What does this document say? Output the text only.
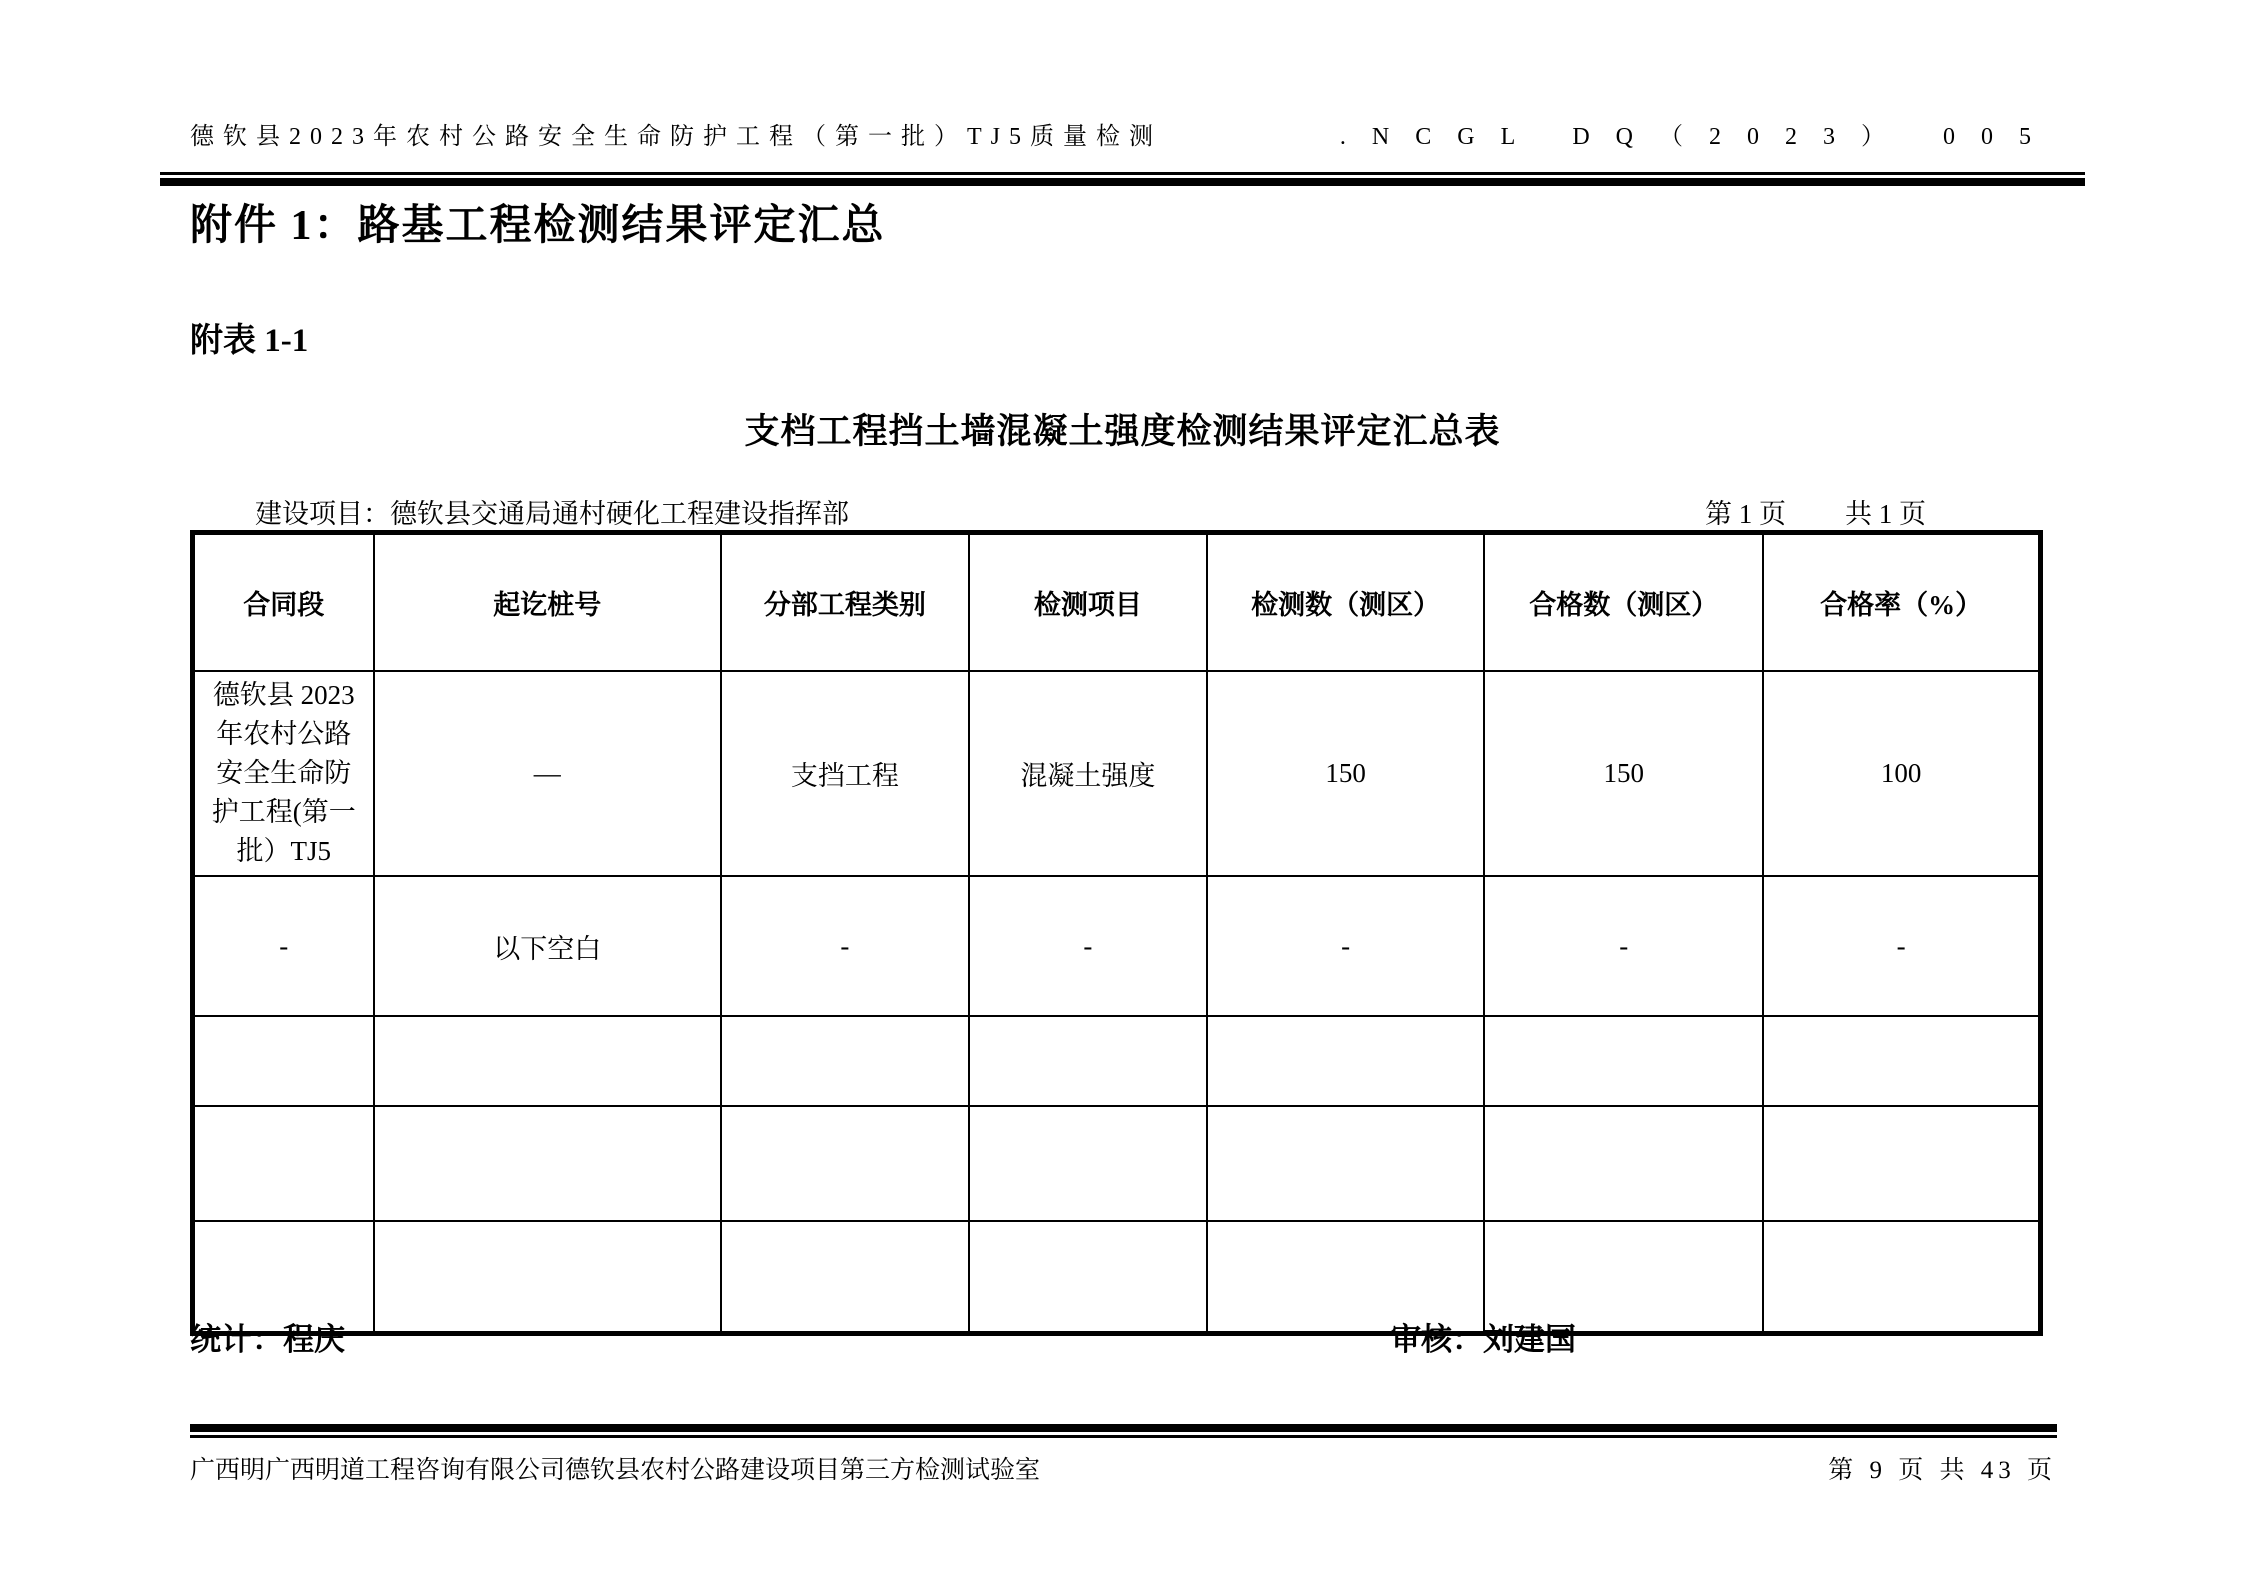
德钦县2023年农村公路安全生命防护工程（第一批）TJ5质量检测	.NCGL DQ（2023） 005
附件 1：路基工程检测结果评定汇总
附表 1-1
支档工程挡土墙混凝土强度检测结果评定汇总表
建设项目：德钦县交通局通村硬化工程建设指挥部	第 1 页 共 1 页
合同段	起讫桩号	分部工程类别	检测项目	检测数（测区）	合格数（测区）	合格率（%）
德钦县 2023 年农村公路 安全生命防 护工程(第一 批）TJ5	—	支挡工程	混凝土强度	150	150	100
-	以下空白	-	-	-	-	-

统计：程庆	审核：刘建国
广西明广西明道工程咨询有限公司德钦县农村公路建设项目第三方检测试验室	第 9 页 共 43 页
